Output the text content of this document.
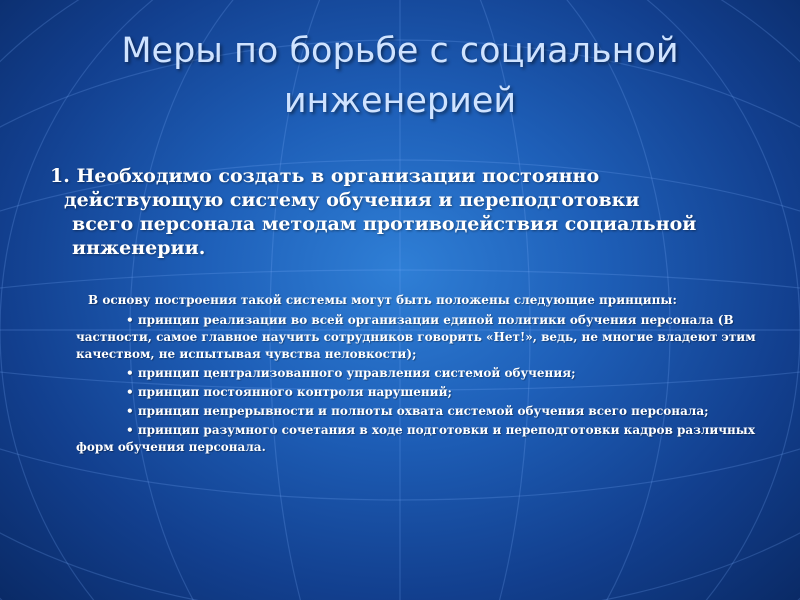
Меры по борьбе с социальной инженерией
1. Необходимо создать в организации постоянно
действующую систему обучения и переподготовки
всего персонала методам противодействия социальной
инженерии.
В основу построения такой системы могут быть положены следующие принципы:
• принцип реализации во всей организации единой политики обучения персонала (В частности, самое главное научить сотрудников говорить «Нет!», ведь, не многие владеют этим качеством, не испытывая чувства неловкости);
• принцип централизованного управления системой обучения;
• принцип постоянного контроля нарушений;
• принцип непрерывности и полноты охвата системой обучения всего персонала;
• принцип разумного сочетания в ходе подготовки и переподготовки кадров различных форм обучения персонала.
